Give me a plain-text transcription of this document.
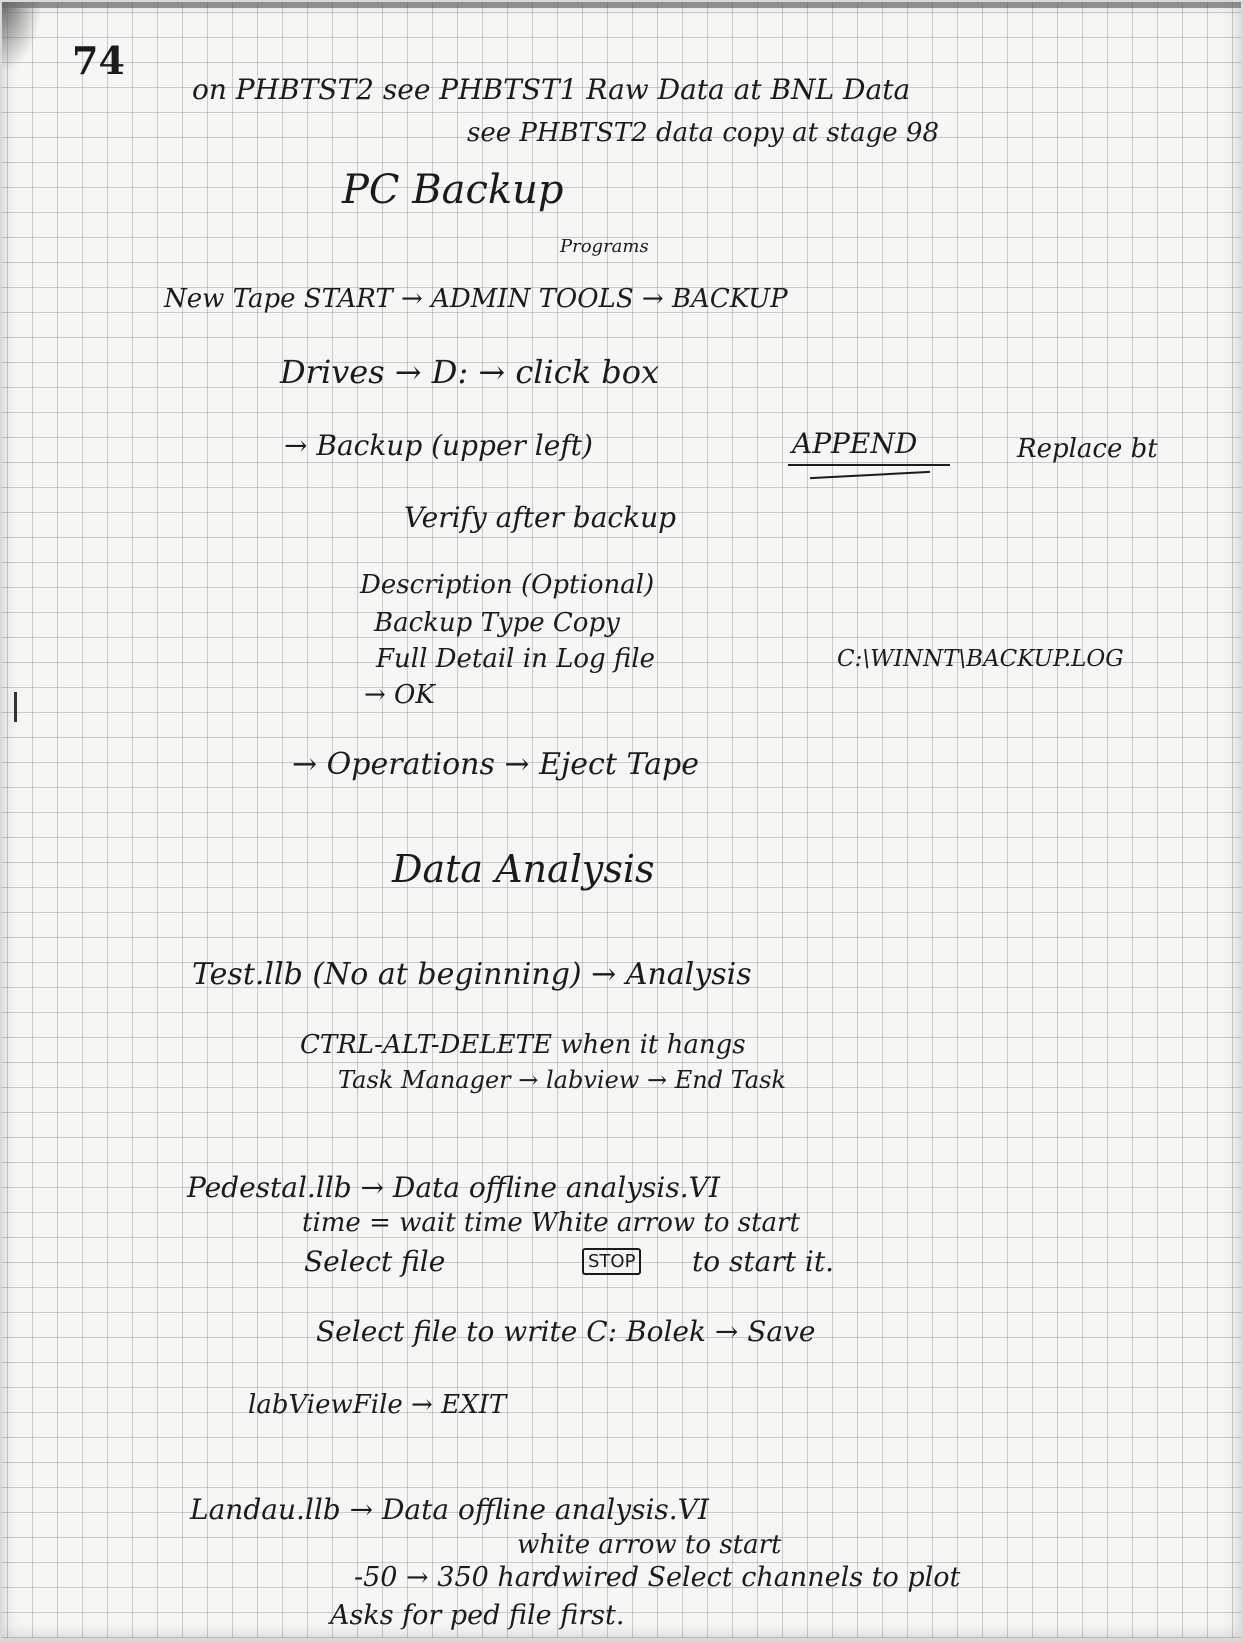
74
on PHBTST2 see PHBTST1 Raw Data at BNL Data
see PHBTST2 data copy at stage 98
PC Backup
Programs
New Tape START → ADMIN TOOLS → BACKUP
Drives → D: → click box
→ Backup (upper left)	APPEND	Replace bt
Verify after backup
Description (Optional)
Backup Type Copy
Full Detail in Log file	C:\WINNT\BACKUP.LOG
→ OK
→ Operations → Eject Tape
Data Analysis
Test.llb (No at beginning) → Analysis
CTRL-ALT-DELETE when it hangs
Task Manager → labview → End Task
Pedestal.llb → Data offline analysis.VI
time = wait time White arrow to start
Select file	STOP to start it.
Select file to write C: Bolek → Save
labViewFile → EXIT
Landau.llb → Data offline analysis.VI
white arrow to start
-50 → 350 hardwired Select channels to plot
Asks for ped file first.
